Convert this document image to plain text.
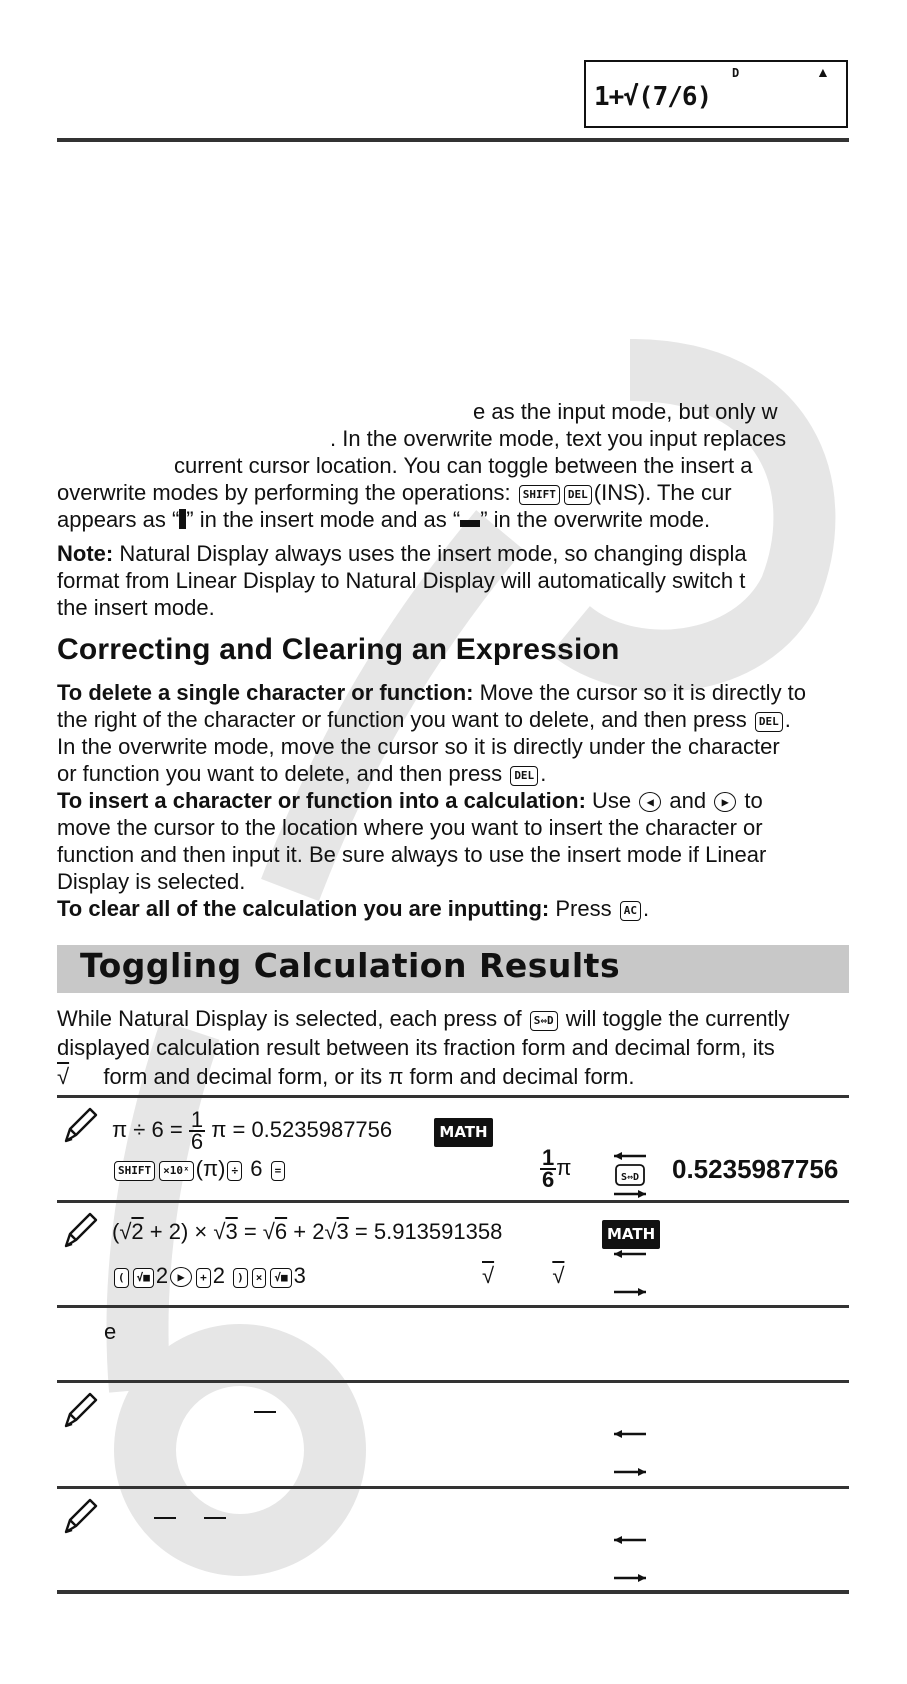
D	▲
1+√(7/6)
e as the input mode, but only w
. In the overwrite mode, text you input replaces
current cursor location. You can toggle between the insert a
overwrite modes by performing the operations: SHIFT DEL (INS). The cur
appears as “ ” in the insert mode and as “ ” in the overwrite mode.
Note: Natural Display always uses the insert mode, so changing displa
format from Linear Display to Natural Display will automatically switch t
the insert mode.
Correcting and Clearing an Expression
To delete a single character or function: Move the cursor so it is directly to
the right of the character or function you want to delete, and then press DEL .
In the overwrite mode, move the cursor so it is directly under the character
or function you want to delete, and then press DEL .
To insert a character or function into a calculation: Use ◀ and ▶ to
move the cursor to the location where you want to insert the character or
function and then input it. Be sure always to use the insert mode if Linear
Display is selected.
To clear all of the calculation you are inputting: Press AC .
Toggling Calculation Results
While Natural Display is selected, each press of S⇔D will toggle the currently
displayed calculation result between its fraction form and decimal form, its
√ form and decimal form, or its π form and decimal form.
$\pi \div 6 = \frac{1}{6}$ π = 0.5235987756	MATH
SHIFT ×10ˣ (π) ÷ 6 =	$\frac{1}{6}$ π	S⇔D 0.5235987756
(√2 + 2) × √3 = √6 + 2√3 = 5.913591358	MATH
( √■ 2 ▶ + 2 ) × √■ 3	√	√
e
